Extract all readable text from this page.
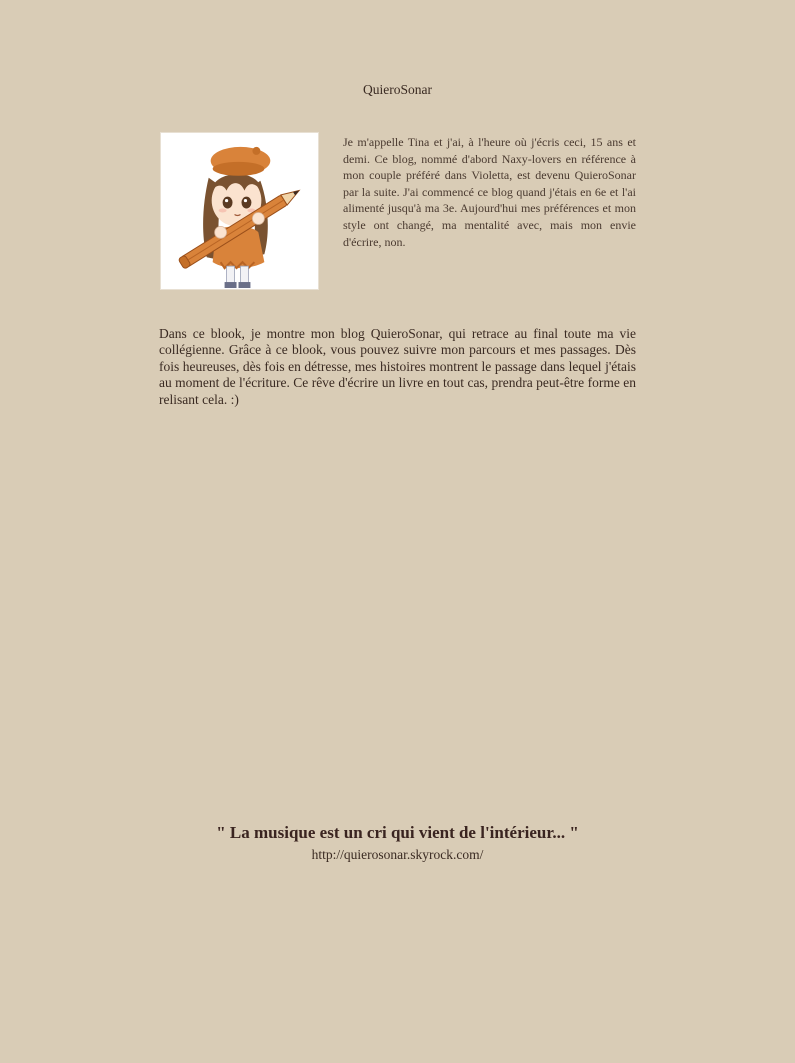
QuieroSonar

Je m'appelle Tina et j'ai, à l'heure où j'écris ceci, 15 ans et demi. Ce blog, nommé d'abord Naxy-lovers en référence à mon couple préféré dans Violetta, est devenu QuieroSonar par la suite. J'ai commencé ce blog quand j'étais en 6e et l'ai alimenté jusqu'à ma 3e. Aujourd'hui mes préférences et mon style ont changé, ma mentalité avec, mais mon envie d'écrire, non.

Dans ce blook, je montre mon blog QuieroSonar, qui retrace au final toute ma vie collégienne. Grâce à ce blook, vous pouvez suivre mon parcours et mes passages. Dès fois heureuses, dès fois en détresse, mes histoires montrent le passage dans lequel j'étais au moment de l'écriture. Ce rêve d'écrire un livre en tout cas, prendra peut-être forme en relisant cela. :)

" La musique est un cri qui vient de l'intérieur... "
http://quierosonar.skyrock.com/
